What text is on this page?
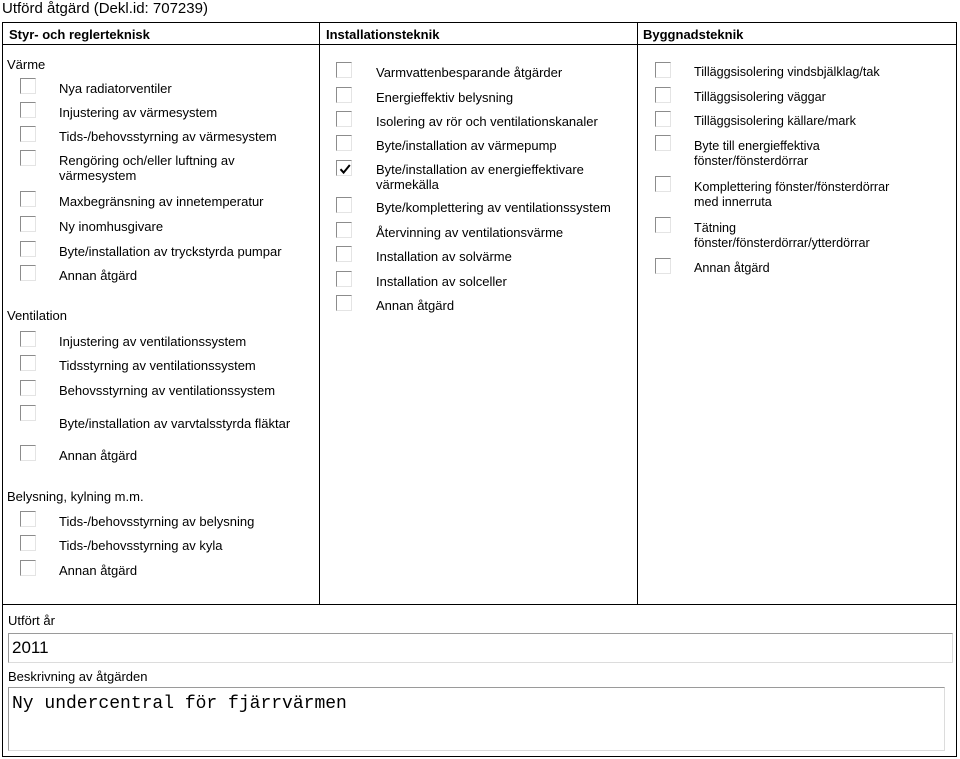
Utförd åtgärd (Dekl.id: 707239)
Styr- och reglerteknisk	Installationsteknik	Byggnadsteknik
Värme
Nya radiatorventiler
Injustering av värmesystem
Tids-/behovsstyrning av värmesystem
Rengöring och/eller luftning av
värmesystem
Maxbegränsning av innetemperatur
Ny inomhusgivare
Byte/installation av tryckstyrda pumpar
Annan åtgärd
Ventilation
Injustering av ventilationssystem
Tidsstyrning av ventilationssystem
Behovsstyrning av ventilationssystem
Byte/installation av varvtalsstyrda fläktar
Annan åtgärd
Belysning, kylning m.m.
Tids-/behovsstyrning av belysning
Tids-/behovsstyrning av kyla
Annan åtgärd
Varmvattenbesparande åtgärder
Energieffektiv belysning
Isolering av rör och ventilationskanaler
Byte/installation av värmepump
Byte/installation av energieffektivare
värmekälla
Byte/komplettering av ventilationssystem
Återvinning av ventilationsvärme
Installation av solvärme
Installation av solceller
Annan åtgärd
Tilläggsisolering vindsbjälklag/tak
Tilläggsisolering väggar
Tilläggsisolering källare/mark
Byte till energieffektiva
fönster/fönsterdörrar
Komplettering fönster/fönsterdörrar
med innerruta
Tätning
fönster/fönsterdörrar/ytterdörrar
Annan åtgärd
Utfört år
2011
Beskrivning av åtgärden
Ny undercentral för fjärrvärmen
